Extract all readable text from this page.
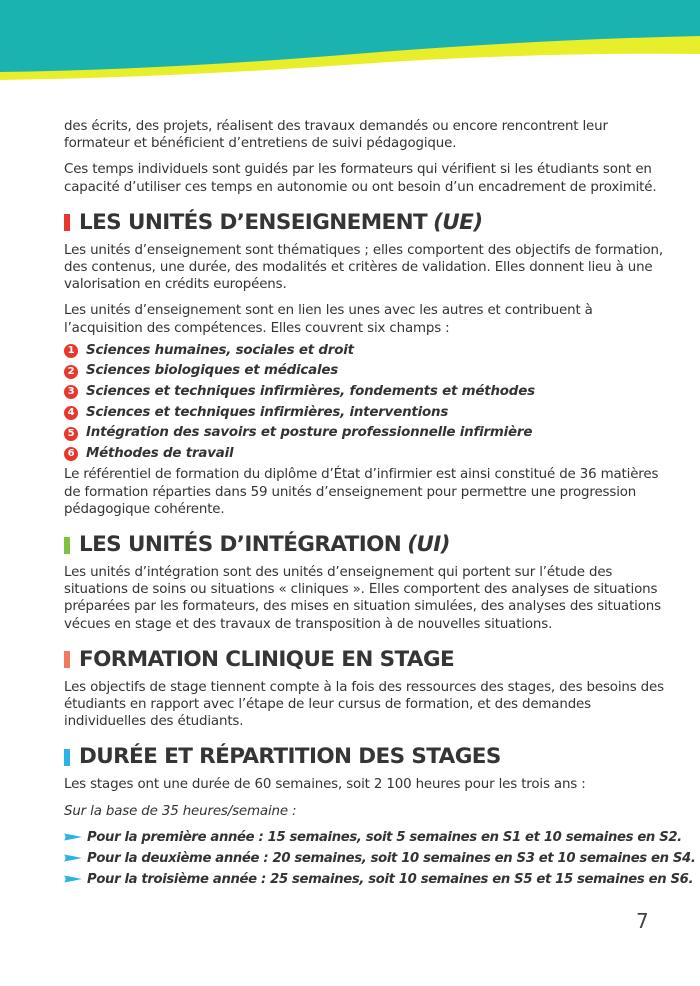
des écrits, des projets, réalisent des travaux demandés ou encore rencontrent leur formateur et bénéficient d’entretiens de suivi pédagogique.

Ces temps individuels sont guidés par les formateurs qui vérifient si les étudiants sont en capacité d’utiliser ces temps en autonomie ou ont besoin d’un encadrement de proximité.

LES UNITÉS D’ENSEIGNEMENT (UE)

Les unités d’enseignement sont thématiques ; elles comportent des objectifs de formation, des contenus, une durée, des modalités et critères de validation. Elles donnent lieu à une valorisation en crédits européens.

Les unités d’enseignement sont en lien les unes avec les autres et contribuent à l’acquisition des compétences. Elles couvrent six champs :

1 Sciences humaines, sociales et droit
2 Sciences biologiques et médicales
3 Sciences et techniques infirmières, fondements et méthodes
4 Sciences et techniques infirmières, interventions
5 Intégration des savoirs et posture professionnelle infirmière
6 Méthodes de travail

Le référentiel de formation du diplôme d’État d’infirmier est ainsi constitué de 36 matières de formation réparties dans 59 unités d’enseignement pour permettre une progression pédagogique cohérente.

LES UNITÉS D’INTÉGRATION (UI)

Les unités d’intégration sont des unités d’enseignement qui portent sur l’étude des situations de soins ou situations « cliniques ». Elles comportent des analyses de situations préparées par les formateurs, des mises en situation simulées, des analyses des situations vécues en stage et des travaux de transposition à de nouvelles situations.

FORMATION CLINIQUE EN STAGE

Les objectifs de stage tiennent compte à la fois des ressources des stages, des besoins des étudiants en rapport avec l’étape de leur cursus de formation, et des demandes individuelles des étudiants.

DURÉE ET RÉPARTITION DES STAGES

Les stages ont une durée de 60 semaines, soit 2 100 heures pour les trois ans :

Sur la base de 35 heures/semaine :

Pour la première année : 15 semaines, soit 5 semaines en S1 et 10 semaines en S2.
Pour la deuxième année : 20 semaines, soit 10 semaines en S3 et 10 semaines en S4.
Pour la troisième année : 25 semaines, soit 10 semaines en S5 et 15 semaines en S6.
7
